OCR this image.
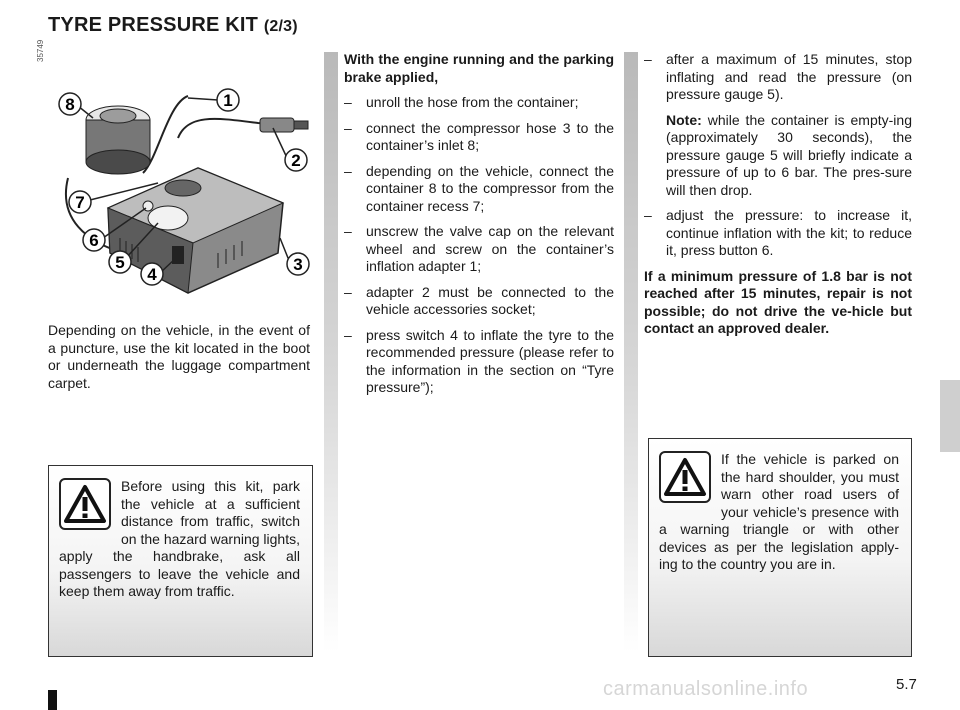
TYRE PRESSURE KIT (2/3)
35749
8	1
2
7
6
5
4
3
Depending on the vehicle, in the event of a puncture, use the kit located in the boot or underneath the luggage compartment carpet.
Before using this kit, park the vehicle at a sufficient distance from traffic, switch on the hazard warning lights, apply the handbrake, ask all passengers to leave the vehicle and keep them away from traffic.

With the engine running and the parking brake applied,

–	unroll the hose from the container;
–	connect the compressor hose 3 to the container’s inlet 8;
–	depending on the vehicle, connect the container 8 to the compressor from the container recess 7;
–	unscrew the valve cap on the relevant wheel and screw on the container’s inflation adapter 1;
–	adapter 2 must be connected to the vehicle accessories socket;
–	press switch 4 to inflate the tyre to the recommended pressure (please refer to the information in the section on “Tyre pressure”);
–	after a maximum of 15 minutes, stop inflating and read the pressure (on pressure gauge 5).

Note: while the container is empty-ing (approximately 30 seconds), the pressure gauge 5 will briefly indicate a pressure of up to 6 bar. The pres-sure will then drop.

–	adjust the pressure: to increase it, continue inflation with the kit; to reduce it, press button 6.

If a minimum pressure of 1.8 bar is not reached after 15 minutes, repair is not possible; do not drive the ve-hicle but contact an approved dealer.

If the vehicle is parked on the hard shoulder, you must warn other road users of your vehicle’s presence with a warning triangle or with other devices as per the legislation apply-ing to the country you are in.
5.7
carmanualsonline.info
